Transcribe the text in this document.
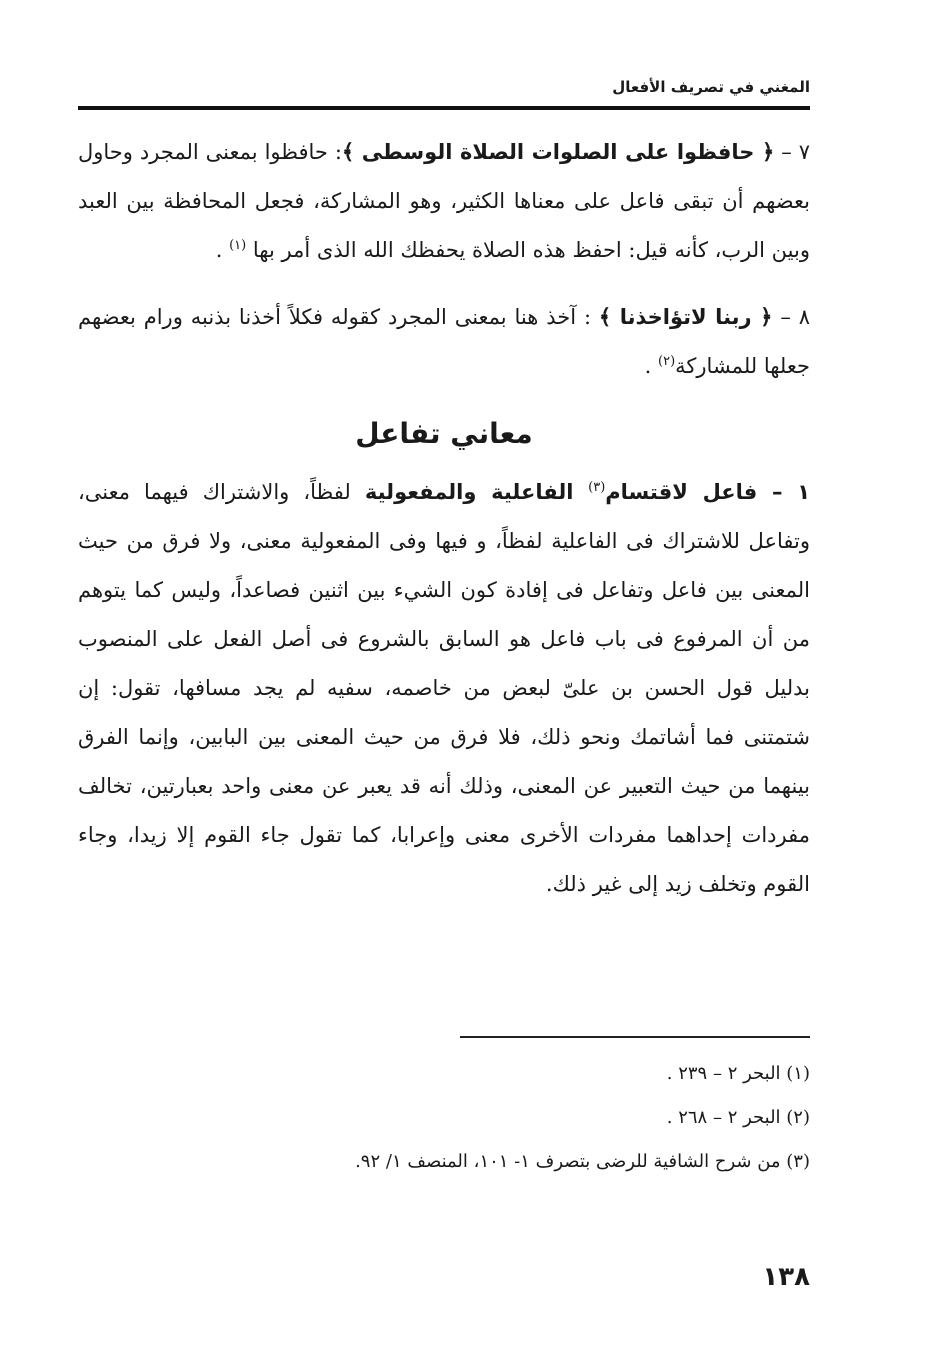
المغني في تصريف الأفعال

٧ – ﴿ حافظوا على الصلوات الصلاة الوسطى ﴾: حافظوا بمعنى المجرد وحاول بعضهم أن تبقى فاعل على معناها الكثير، وهو المشاركة، فجعل المحافظة بين العبد وبين الرب، كأنه قيل: احفظ هذه الصلاة يحفظك الله الذى أمر بها $^{(١)}$ .

٨ – ﴿ ربنا لاتؤاخذنا ﴾ : آخذ هنا بمعنى المجرد كقوله فكلاً أخذنا بذنبه ورام بعضهم جعلها للمشاركة$^{(٢)}$ .

معاني تفاعل

١ – فاعل لاقتسام$^{(٣)}$ الفاعلية والمفعولية لفظاً، والاشتراك فيهما معنى، وتفاعل للاشتراك فى الفاعلية لفظاً، و فيها وفى المفعولية معنى، ولا فرق من حيث المعنى بين فاعل وتفاعل فى إفادة كون الشيء بين اثنين فصاعداً، وليس كما يتوهم من أن المرفوع فى باب فاعل هو السابق بالشروع فى أصل الفعل على المنصوب بدليل قول الحسن بن علىّ لبعض من خاصمه، سفيه لم يجد مسافها، تقول: إن شتمتنى فما أشاتمك ونحو ذلك، فلا فرق من حيث المعنى بين البابين، وإنما الفرق بينهما من حيث التعبير عن المعنى، وذلك أنه قد يعبر عن معنى واحد بعبارتين، تخالف مفردات إحداهما مفردات الأخرى معنى وإعرابا، كما تقول جاء القوم إلا زيدا، وجاء القوم وتخلف زيد إلى غير ذلك.

(١) البحر ٢ – ٢٣٩ .
(٢) البحر ٢ – ٢٦٨ .
(٣) من شرح الشافية للرضى بتصرف ١- ١٠١، المنصف ١/ ٩٢.
١٣٨
